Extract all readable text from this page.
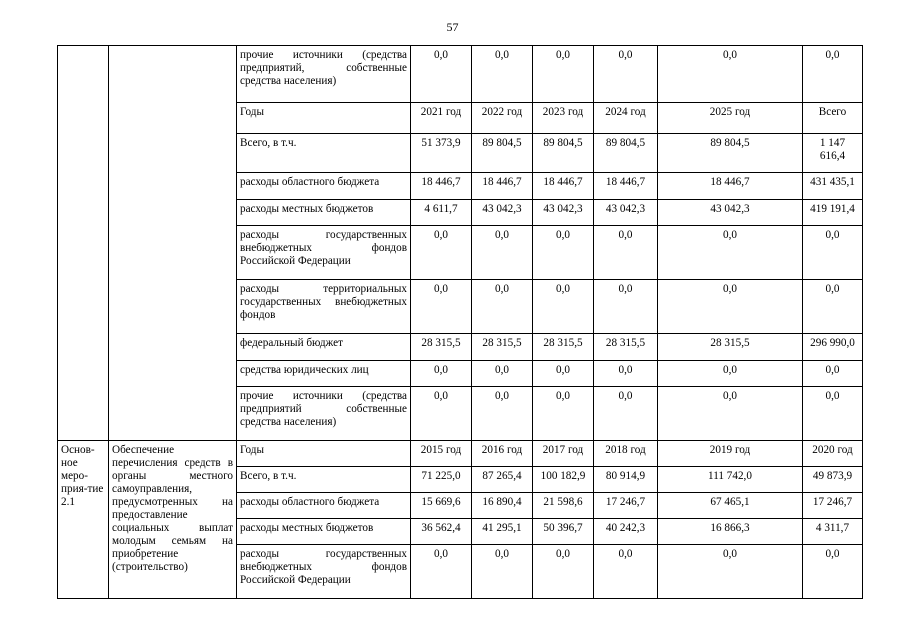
57
		прочие источники (средства предприятий, собственные средства населения)	0,0	0,0	0,0	0,0	0,0	0,0
		Годы	2021 год	2022 год	2023 год	2024 год	2025 год	Всего
		Всего, в т.ч.	51 373,9	89 804,5	89 804,5	89 804,5	89 804,5	1 147 616,4
		расходы областного бюджета	18 446,7	18 446,7	18 446,7	18 446,7	18 446,7	431 435,1
		расходы местных бюджетов	4 611,7	43 042,3	43 042,3	43 042,3	43 042,3	419 191,4
		расходы государственных внебюджетных фондов Российской Федерации	0,0	0,0	0,0	0,0	0,0	0,0
		расходы территориальных государственных внебюджетных фондов	0,0	0,0	0,0	0,0	0,0	0,0
		федеральный бюджет	28 315,5	28 315,5	28 315,5	28 315,5	28 315,5	296 990,0
		средства юридических лиц	0,0	0,0	0,0	0,0	0,0	0,0
		прочие источники (средства предприятий собственные средства населения)	0,0	0,0	0,0	0,0	0,0	0,0
Основ-ное меро-прия-тие 2.1	Обеспечение перечисления средств в органы местного самоуправления, предусмотренных на предоставление социальных выплат молодым семьям на приобретение (строительство)	Годы	2015 год	2016 год	2017 год	2018 год	2019 год	2020 год
		Всего, в т.ч.	71 225,0	87 265,4	100 182,9	80 914,9	111 742,0	49 873,9
		расходы областного бюджета	15 669,6	16 890,4	21 598,6	17 246,7	67 465,1	17 246,7
		расходы местных бюджетов	36 562,4	41 295,1	50 396,7	40 242,3	16 866,3	4 311,7
		расходы государственных внебюджетных фондов Российской Федерации	0,0	0,0	0,0	0,0	0,0	0,0
